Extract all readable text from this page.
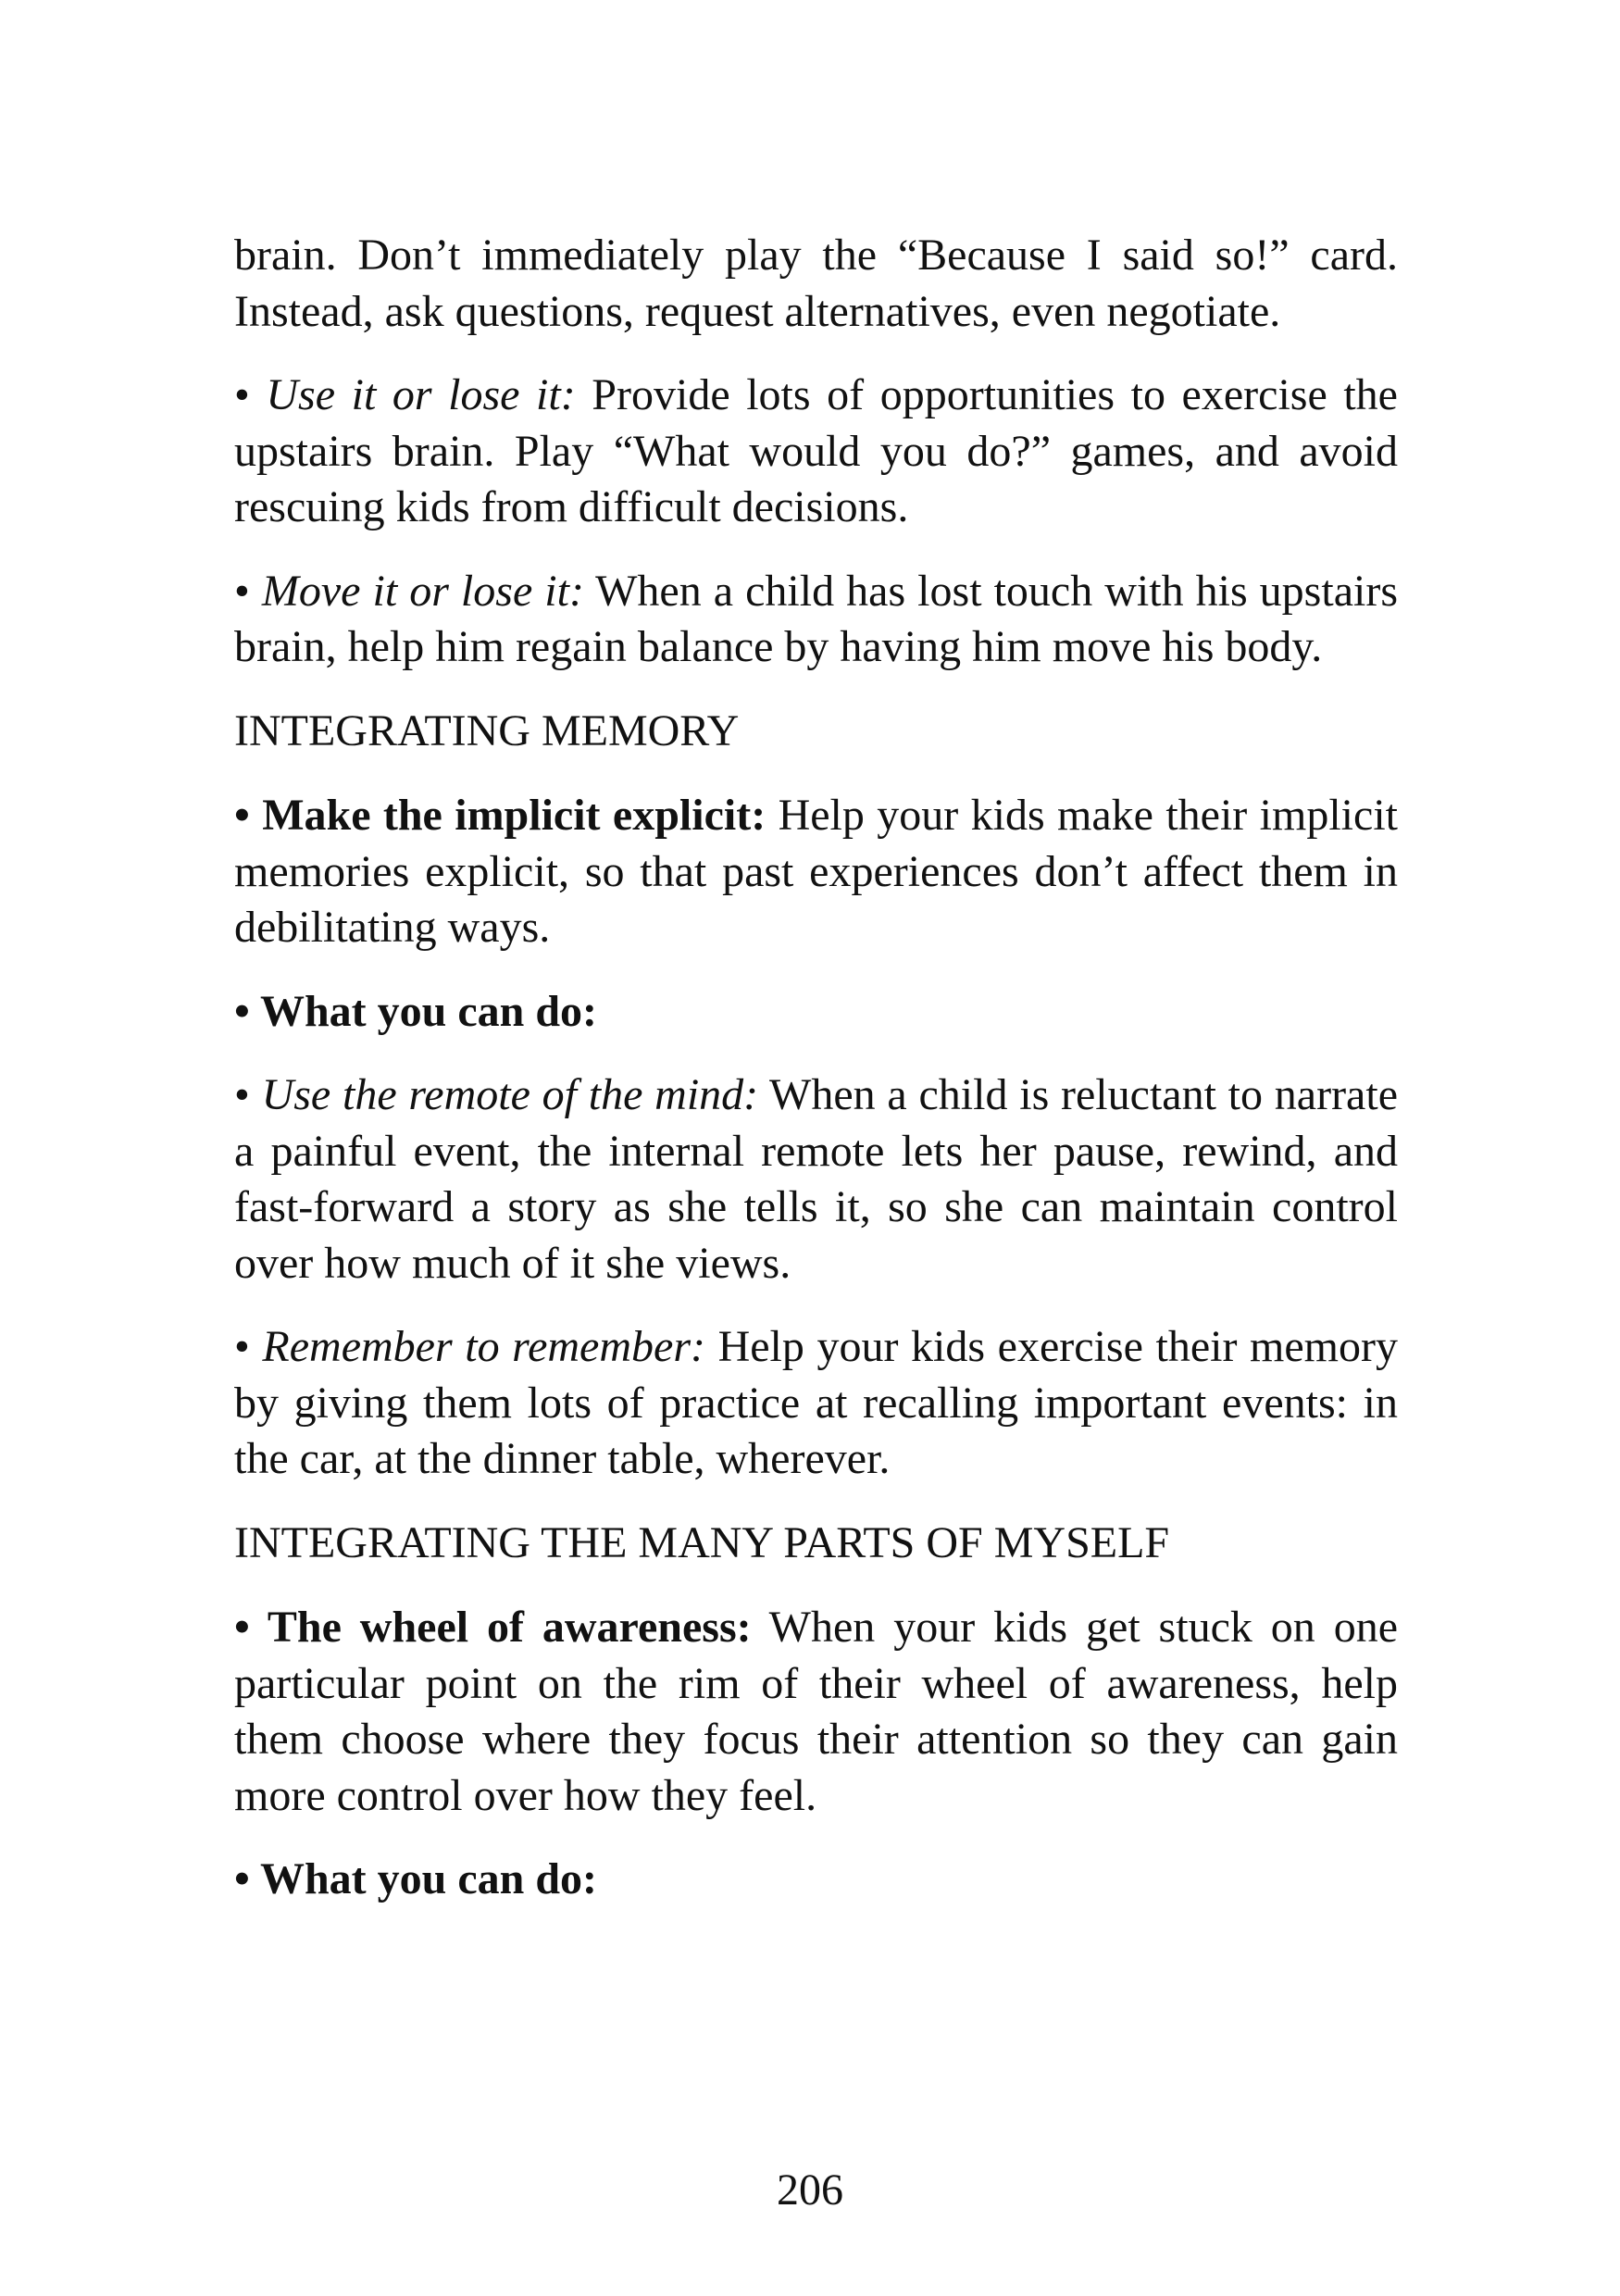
brain. Don’t immediately play the “Because I said so!” card. Instead, ask questions, request alternatives, even negotiate.

• Use it or lose it: Provide lots of opportunities to exercise the upstairs brain. Play “What would you do?” games, and avoid rescuing kids from difficult decisions.

• Move it or lose it: When a child has lost touch with his upstairs brain, help him regain balance by having him move his body.

INTEGRATING MEMORY

• Make the implicit explicit: Help your kids make their implicit memories explicit, so that past experiences don’t affect them in debilitating ways.

• What you can do:

• Use the remote of the mind: When a child is reluctant to narrate a painful event, the internal remote lets her pause, rewind, and fast-forward a story as she tells it, so she can maintain control over how much of it she views.

• Remember to remember: Help your kids exercise their memory by giving them lots of practice at recalling important events: in the car, at the dinner table, wherever.

INTEGRATING THE MANY PARTS OF MYSELF

• The wheel of awareness: When your kids get stuck on one particular point on the rim of their wheel of awareness, help them choose where they focus their attention so they can gain more control over how they feel.

• What you can do:

206
